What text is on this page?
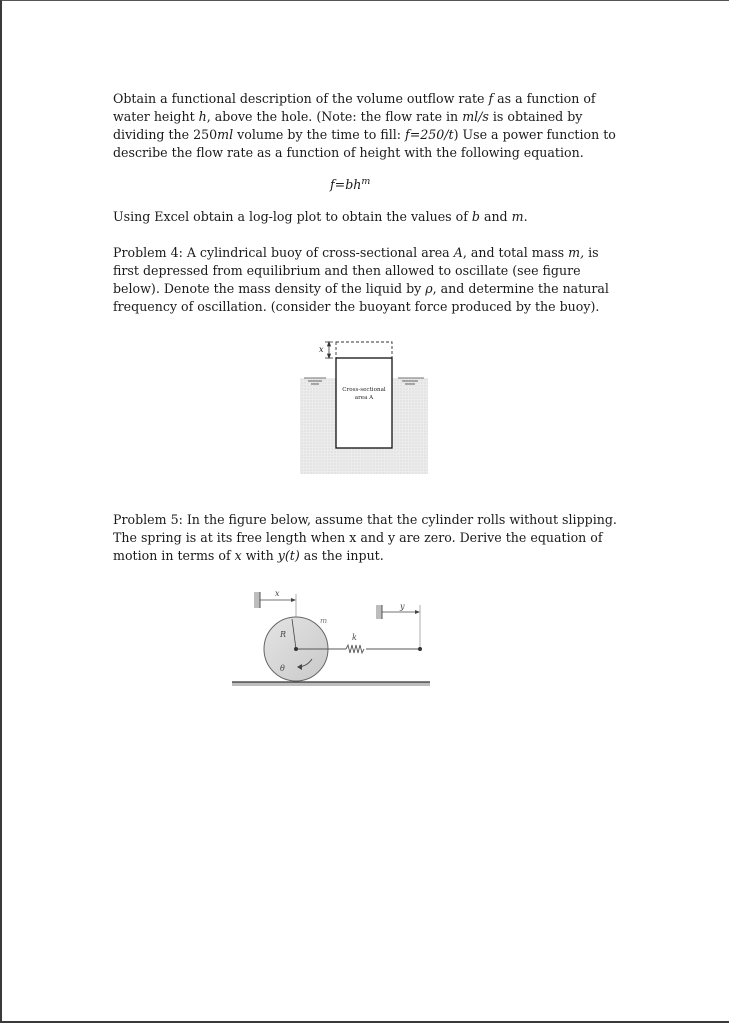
Obtain a functional description of the volume outflow rate f as a function of water height h, above the hole. (Note: the flow rate in ml/s is obtained by dividing the 250ml volume by the time to fill: f=250/t) Use a power function to describe the flow rate as a function of height with the following equation.

$f=bh^m$

Using Excel obtain a log-log plot to obtain the values of b and m.

Problem 4: A cylindrical buoy of cross-sectional area A, and total mass m, is first depressed from equilibrium and then allowed to oscillate (see figure below). Denote the mass density of the liquid by ρ, and determine the natural frequency of oscillation. (consider the buoyant force produced by the buoy).

x
Cross-sectional
area A

Problem 5: In the figure below, assume that the cylinder rolls without slipping. The spring is at its free length when x and y are zero. Derive the equation of motion in terms of x with y(t) as the input.

x
y
R
m
θ
k
